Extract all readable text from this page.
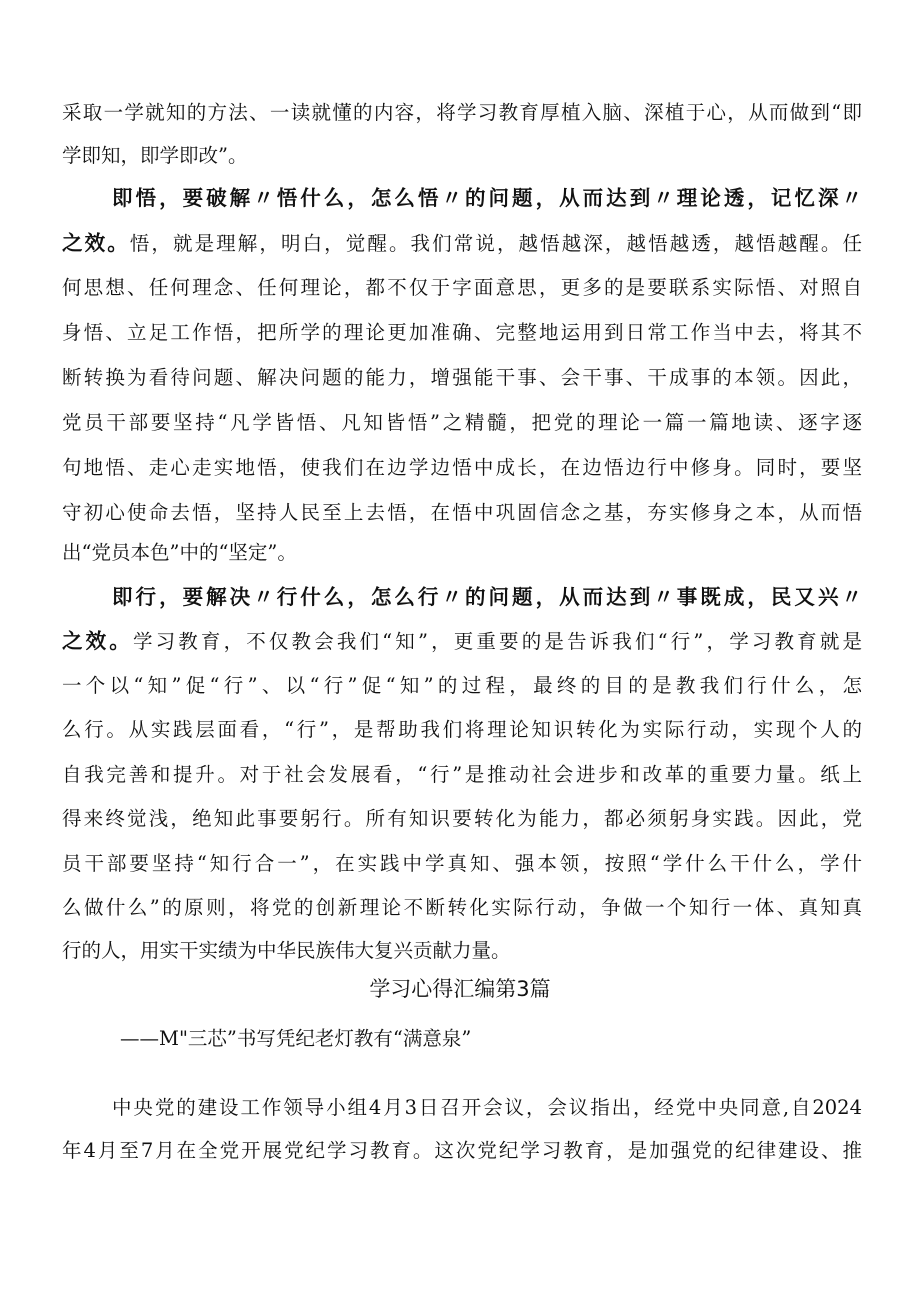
采取一学就知的方法、一读就懂的内容，将学习教育厚植入脑、深植于心，从而做到“即
学即知，即学即改”。
即悟，要破解〃悟什么，怎么悟〃的问题，从而达到〃理论透，记忆深〃
之效。悟，就是理解，明白，觉醒。我们常说，越悟越深，越悟越透，越悟越醒。任
何思想、任何理念、任何理论，都不仅于字面意思，更多的是要联系实际悟、对照自
身悟、立足工作悟，把所学的理论更加准确、完整地运用到日常工作当中去，将其不
断转换为看待问题、解决问题的能力，增强能干事、会干事、干成事的本领。因此，
党员干部要坚持“凡学皆悟、凡知皆悟”之精髓，把党的理论一篇一篇地读、逐字逐
句地悟、走心走实地悟，使我们在边学边悟中成长，在边悟边行中修身。同时，要坚
守初心使命去悟，坚持人民至上去悟，在悟中巩固信念之基，夯实修身之本，从而悟
出“党员本色”中的“坚定”。
即行，要解决〃行什么，怎么行〃的问题，从而达到〃事既成，民又兴〃
之效。学习教育，不仅教会我们“知”，更重要的是告诉我们“行”，学习教育就是
一个以“知”促“行”、以“行”促“知”的过程，最终的目的是教我们行什么，怎
么行。从实践层面看，“行”，是帮助我们将理论知识转化为实际行动，实现个人的
自我完善和提升。对于社会发展看，“行”是推动社会进步和改革的重要力量。纸上
得来终觉浅，绝知此事要躬行。所有知识要转化为能力，都必须躬身实践。因此，党
员干部要坚持“知行合一”，在实践中学真知、强本领，按照“学什么干什么，学什
么做什么”的原则，将党的创新理论不断转化实际行动，争做一个知行一体、真知真
行的人，用实干实绩为中华民族伟大复兴贡献力量。
学习心得汇编第3篇
——M"三芯”书写凭纪老灯教有“满意泉”
中央党的建设工作领导小组4月3日召开会议，会议指出，经党中央同意,自2024
年4月至7月在全党开展党纪学习教育。这次党纪学习教育，是加强党的纪律建设、推
